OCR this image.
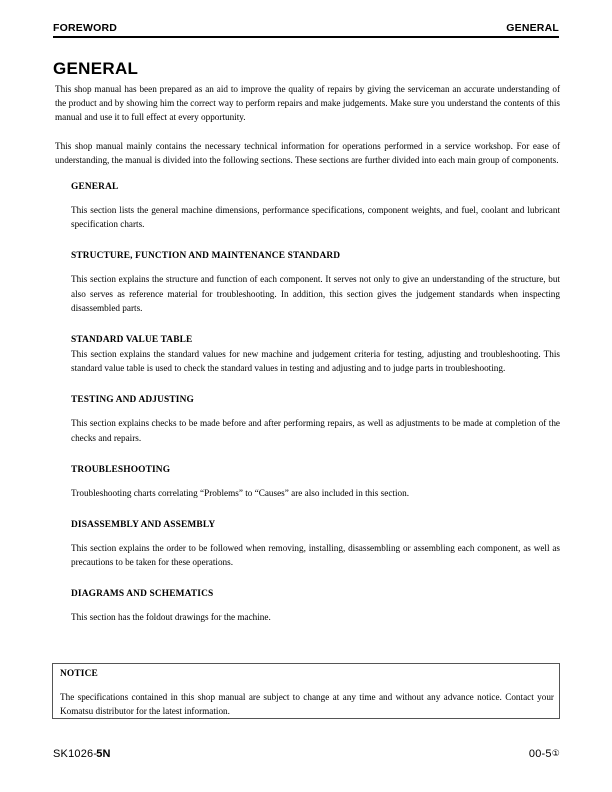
FOREWORD	GENERAL
GENERAL

This shop manual has been prepared as an aid to improve the quality of repairs by giving the serviceman an accurate understanding of the product and by showing him the correct way to perform repairs and make judgements. Make sure you understand the contents of this manual and use it to full effect at every opportunity.

This shop manual mainly contains the necessary technical information for operations performed in a service workshop. For ease of understanding, the manual is divided into the following sections. These sections are further divided into each main group of components.

GENERAL

This section lists the general machine dimensions, performance specifications, component weights, and fuel, coolant and lubricant specification charts.

STRUCTURE, FUNCTION AND MAINTENANCE STANDARD

This section explains the structure and function of each component. It serves not only to give an understanding of the structure, but also serves as reference material for troubleshooting. In addition, this section gives the judgement standards when inspecting disassembled parts.

STANDARD VALUE TABLE

This section explains the standard values for new machine and judgement criteria for testing, adjusting and troubleshooting. This standard value table is used to check the standard values in testing and adjusting and to judge parts in troubleshooting.

TESTING AND ADJUSTING

This section explains checks to be made before and after performing repairs, as well as adjustments to be made at completion of the checks and repairs.

TROUBLESHOOTING

Troubleshooting charts correlating “Problems” to “Causes” are also included in this section.

DISASSEMBLY AND ASSEMBLY

This section explains the order to be followed when removing, installing, disassembling or assembling each component, as well as precautions to be taken for these operations.

DIAGRAMS AND SCHEMATICS

This section has the foldout drawings for the machine.

NOTICE

The specifications contained in this shop manual are subject to change at any time and without any advance notice. Contact your Komatsu distributor for the latest information.

SK1026-5N	00-5①
